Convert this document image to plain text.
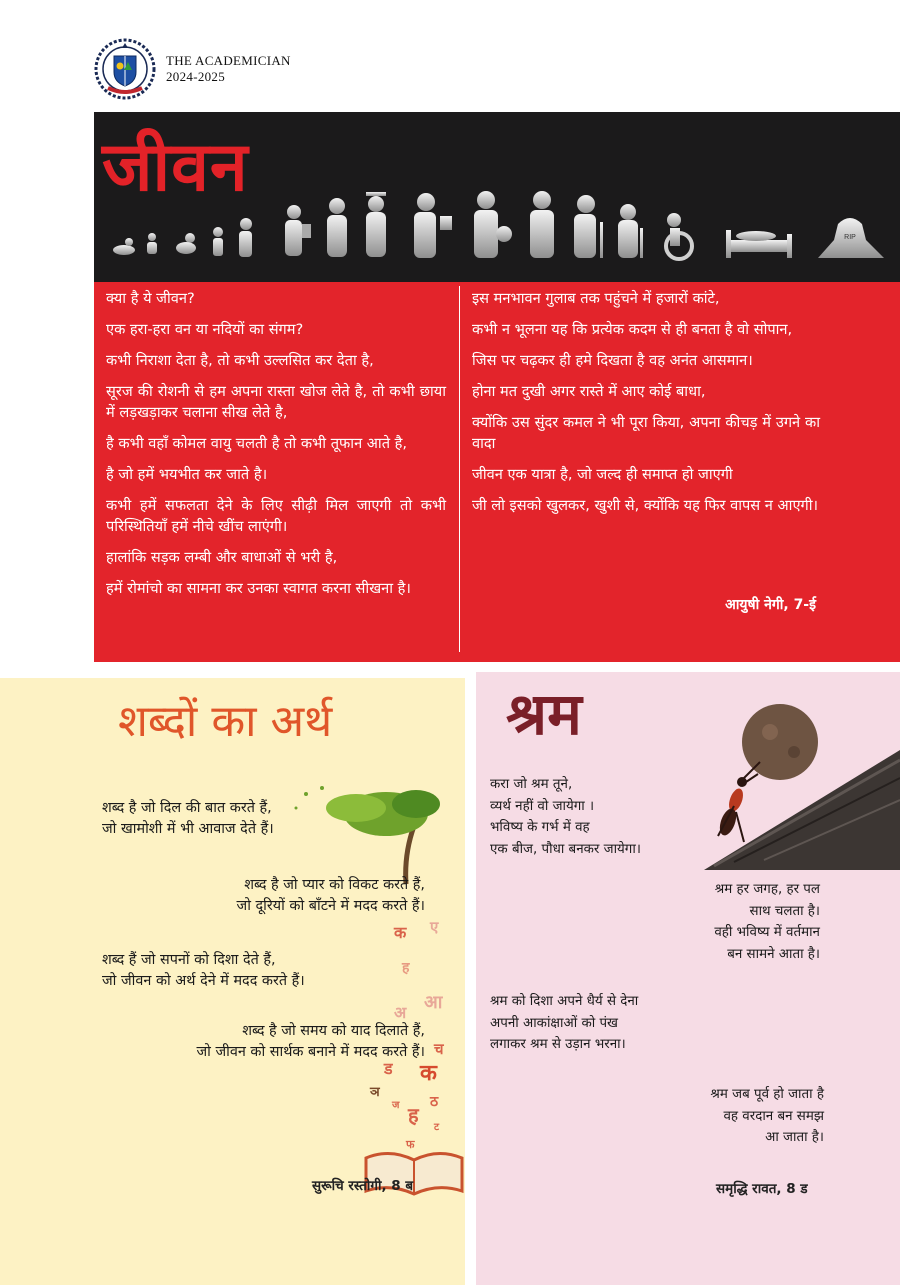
THE ACADEMICIAN
2024-2025
जीवन
RIP

क्या है ये जीवन?

एक हरा-हरा वन या नदियों का संगम?

कभी निराशा देता है, तो कभी उल्लसित कर देता है,

सूरज की रोशनी से हम अपना रास्ता खोज लेते है, तो कभी छाया में लड़खड़ाकर चलाना सीख लेते है,

है कभी वहाँ कोमल वायु चलती है तो कभी तूफान आते है,

है जो हमें भयभीत कर जाते है।

कभी हमें सफलता देने के लिए सीढ़ी मिल जाएगी तो कभी परिस्थितियाँ हमें नीचे खींच लाएंगी।

हालांकि सड़क लम्बी और बाधाओं से भरी है,

हमें रोमांचो का सामना कर उनका स्वागत करना सीखना है।

इस मनभावन गुलाब तक पहुंचने में हजारों कांटे,

कभी न भूलना यह कि प्रत्येक कदम से ही बनता है वो सोपान,

जिस पर चढ़कर ही हमे दिखता है वह अनंत आसमान।

होना मत दुखी अगर रास्ते में आए कोई बाधा,

क्योंकि उस सुंदर कमल ने भी पूरा किया, अपना कीचड़ में उगने का वादा

जीवन एक यात्रा है, जो जल्द ही समाप्त हो जाएगी

जी लो इसको खुलकर, खुशी से, क्योंकि यह फिर वापस न आएगी।

आयुषी नेगी, 7-ई
शब्दों का अर्थ
शब्द है जो दिल की बात करते हैं,
जो खामोशी में भी आवाज देते हैं।
शब्द है जो प्यार को विकट करते हैं,
जो दूरियों को बाँटने में मदद करते हैं।
शब्द हैं जो सपनों को दिशा देते हैं,
जो जीवन को अर्थ देने में मदद करते हैं।
शब्द है जो समय को याद दिलाते हैं,
जो जीवन को सार्थक बनाने में मदद करते हैं।
क ए
ह
अ आ
च
ड क
ञ
ठ
ज ह
ट
फ
सुरूचि रस्तोगी, 8 ब
श्रम
करा जो श्रम तूने,
व्यर्थ नहीं वो जायेगा ।
भविष्य के गर्भ में वह
एक बीज, पौधा बनकर जायेगा।
श्रम हर जगह, हर पल
साथ चलता है।
वही भविष्य में वर्तमान
बन सामने आता है।
श्रम को दिशा अपने धैर्य से देना
अपनी आकांक्षाओं को पंख
लगाकर श्रम से उड़ान भरना।
श्रम जब पूर्व हो जाता है
वह वरदान बन समझ
आ जाता है।
समृद्धि रावत, 8 ड
